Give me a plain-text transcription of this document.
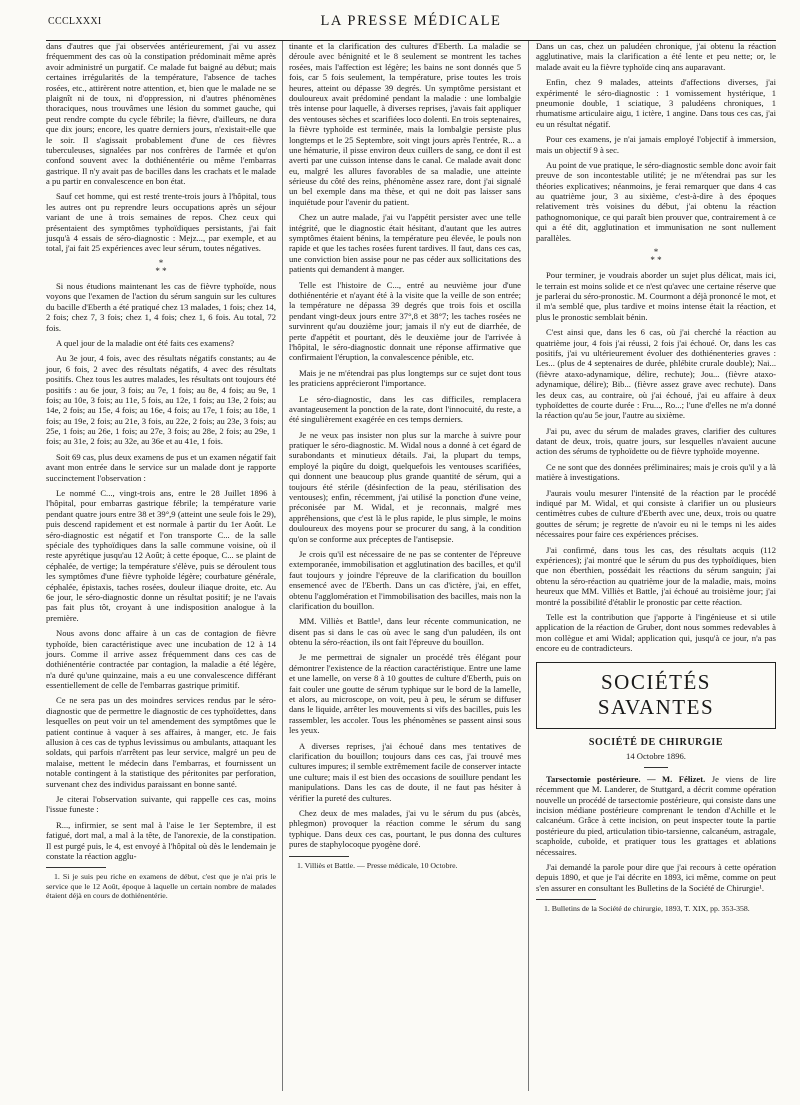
CCCLXXXI	LA PRESSE MÉDICALE

dans d'autres que j'ai observées antérieurement, j'ai vu assez fréquemment des cas où la constipation prédominait même après avoir administré un purgatif. Ce malade fut baigné au début; mais certaines irrégularités de la température, l'absence de taches rosées, etc., attirèrent notre attention, et, bien que le malade ne se plaignît ni de toux, ni d'oppression, ni d'autres phénomènes thoraciques, nous trouvâmes une lésion du sommet gauche, qui peut rendre compte du cycle fébrile; la fièvre, d'ailleurs, ne dura que dix jours; encore, les quatre derniers jours, n'existait-elle que le soir. Il s'agissait probablement d'une de ces fièvres tuberculeuses, signalées par nos confrères de l'armée et qu'on confond souvent avec la dothiénentérie ou même l'embarras gastrique. Il n'y avait pas de bacilles dans les crachats et le malade a pu partir en convalescence en bon état.

Sauf cet homme, qui est resté trente-trois jours à l'hôpital, tous les autres ont pu reprendre leurs occupations après un séjour variant de une à trois semaines de repos. Chez ceux qui présentaient des symptômes typhoïdiques persistants, j'ai fait jusqu'à 4 essais de séro-diagnostic : Mejz..., par exemple, et au total, j'ai fait 25 expériences avec leur sérum, toutes négatives.

*
* *

Si nous étudions maintenant les cas de fièvre typhoïde, nous voyons que l'examen de l'action du sérum sanguin sur les cultures du bacille d'Eberth a été pratiqué chez 13 malades, 1 fois; chez 14, 2 fois; chez 7, 3 fois; chez 1, 4 fois; chez 1, 6 fois. Au total, 72 fois.

A quel jour de la maladie ont été faits ces examens?

Au 3e jour, 4 fois, avec des résultats négatifs constants; au 4e jour, 6 fois, 2 avec des résultats négatifs, 4 avec des résultats positifs. Chez tous les autres malades, les résultats ont toujours été positifs : au 6e jour, 3 fois; au 7e, 1 fois; au 8e, 4 fois; au 9e, 1 fois; au 10e, 3 fois; au 11e, 5 fois, au 12e, 1 fois; au 13e, 2 fois; au 14e, 2 fois; au 15e, 4 fois; au 16e, 4 fois; au 17e, 1 fois; au 18e, 1 fois; au 19e, 2 fois; au 21e, 3 fois, au 22e, 2 fois; au 23e, 3 fois; au 25e, 1 fois; au 26e, 1 fois; au 27e, 3 fois; au 28e, 2 fois; au 29e, 1 fois; au 31e, 2 fois; au 32e, au 36e et au 41e, 1 fois.

Soit 69 cas, plus deux examens de pus et un examen négatif fait avant mon entrée dans le service sur un malade dont je rapporte succinctement l'observation :

Le nommé C..., vingt-trois ans, entre le 28 Juillet 1896 à l'hôpital, pour embarras gastrique fébrile; la température varie pendant quatre jours entre 38 et 39°,9 (atteint une seule fois le 29), puis descend rapidement et est normale à partir du 1er Août. Le séro-diagnostic est négatif et l'on transporte C... de la salle spéciale des typhoïdiques dans la salle commune voisine, où il reste apyrétique jusqu'au 12 Août; à cette époque, C... se plaint de céphalée, de vertige; la température s'élève, puis se déroulent tous les symptômes d'une fièvre typhoïde légère; courbature générale, céphalée, épistaxis, taches rosées, douleur iliaque droite, etc. Au 6e jour, le séro-diagnostic donne un résultat positif; je ne l'avais pas fait plus tôt, croyant à une indisposition analogue à la première.

Nous avons donc affaire à un cas de contagion de fièvre typhoïde, bien caractéristique avec une incubation de 12 à 14 jours. Comme il arrive assez fréquemment dans ces cas de dothiénentérie contractée par contagion, la maladie a été légère, n'a duré qu'une quinzaine, mais a eu une convalescence différant essentiellement de celle de l'embarras gastrique primitif.

Ce ne sera pas un des moindres services rendus par le séro-diagnostic que de permettre le diagnostic de ces typhoïdettes, dans lesquelles on peut voir un tel amendement des symptômes que le patient continue à vaquer à ses affaires, à manger, etc. Je fais allusion à ces cas de typhus levissimus ou ambulants, attaquant les soldats, qui parfois n'arrêtent pas leur service, malgré un peu de malaise, mettent le médecin dans l'embarras, et fournissent un notable contingent à la statistique des péritonites par perforation, survenant chez des individus paraissant en bonne santé.

Je citerai l'observation suivante, qui rappelle ces cas, moins l'issue funeste :

R..., infirmier, se sent mal à l'aise le 1er Septembre, il est fatigué, dort mal, a mal à la tête, de l'anorexie, de la constipation. Il est purgé puis, le 4, est envoyé à l'hôpital où dès le lendemain je constate la réaction agglu-

1. Si je suis peu riche en examens de début, c'est que je n'ai pris le service que le 12 Août, époque à laquelle un certain nombre de malades étaient déjà en cours de dothiénentérie.

tinante et la clarification des cultures d'Eberth. La maladie se déroule avec bénignité et le 8 seulement se montrent les taches rosées, mais l'affection est légère; les bains ne sont donnés que 5 fois, car 5 fois seulement, la température, prise toutes les trois heures, atteint ou dépasse 39 degrés. Un symptôme persistant et douloureux avait prédominé pendant la maladie : une lombalgie très intense pour laquelle, à diverses reprises, j'avais fait appliquer des ventouses sèches et scarifiées loco dolenti. En trois septenaires, la fièvre typhoïde est terminée, mais la lombalgie persiste plus longtemps et le 25 Septembre, soit vingt jours après l'entrée, R... a une hématurie, il pisse environ deux cuillers de sang, ce dont il est averti par une cuisson intense dans le canal. Ce malade avait donc eu, malgré les allures favorables de sa maladie, une atteinte sérieuse du côté des reins, phénomène assez rare, dont j'ai signalé un bel exemple dans ma thèse, et qui ne doit pas laisser sans inquiétude pour l'avenir du patient.

Chez un autre malade, j'ai vu l'appétit persister avec une telle intégrité, que le diagnostic était hésitant, d'autant que les autres symptômes étaient bénins, la température peu élevée, le pouls non rapide et que les taches rosées furent tardives. Il faut, dans ces cas, une conviction bien assise pour ne pas céder aux sollicitations des patients qui demandent à manger.

Telle est l'histoire de C..., entré au neuvième jour d'une dothiénentérie et n'ayant été à la visite que la veille de son entrée; la température ne dépassa 39 degrés que trois fois et oscilla pendant vingt-deux jours entre 37°,8 et 38°7; les taches rosées ne survinrent qu'au douzième jour; jamais il n'y eut de diarrhée, de perte d'appétit et pourtant, dès le deuxième jour de l'arrivée à l'hôpital, le séro-diagnostic donnait une réponse affirmative que confirmaient l'éruption, la convalescence pénible, etc.

Mais je ne m'étendrai pas plus longtemps sur ce sujet dont tous les praticiens apprécieront l'importance.

Le séro-diagnostic, dans les cas difficiles, remplacera avantageusement la ponction de la rate, dont l'innocuité, du reste, a été singulièrement exagérée en ces temps derniers.

Je ne veux pas insister non plus sur la marche à suivre pour pratiquer le séro-diagnostic. M. Widal nous a donné à cet égard de surabondants et minutieux détails. J'ai, la plupart du temps, employé la piqûre du doigt, quelquefois les ventouses scarifiées, qui donnent une beaucoup plus grande quantité de sérum, qui a toujours été stérile (désinfection de la peau, stérilisation des ventouses); enfin, récemment, j'ai utilisé la ponction d'une veine, préconisée par M. Widal, et je reconnais, malgré mes appréhensions, que c'est là le plus rapide, le plus simple, le moins douloureux des moyens pour se procurer du sang, à la condition qu'on se conforme aux préceptes de l'antisepsie.

Je crois qu'il est nécessaire de ne pas se contenter de l'épreuve extemporanée, immobilisation et agglutination des bacilles, et qu'il faut toujours y joindre l'épreuve de la clarification du bouillon ensemencé avec de l'Eberth. Dans un cas d'ictère, j'ai, en effet, obtenu l'agglomération et l'immobilisation des bacilles, mais non la clarification du bouillon.

MM. Villiès et Battle¹, dans leur récente communication, ne disent pas si dans le cas où avec le sang d'un paludéen, ils ont obtenu la séro-réaction, ils ont fait l'épreuve du bouillon.

Je me permettrai de signaler un procédé très élégant pour démontrer l'existence de la réaction caractéristique. Entre une lame et une lamelle, on verse 8 à 10 gouttes de culture d'Eberth, puis on fait couler une goutte de sérum typhique sur le bord de la lamelle, et alors, au microscope, on voit, peu à peu, le sérum se diffuser dans le liquide, arrêter les mouvements si vifs des bacilles, puis les rassembler, les accoler. Tous les phénomènes se passent ainsi sous les yeux.

A diverses reprises, j'ai échoué dans mes tentatives de clarification du bouillon; toujours dans ces cas, j'ai trouvé mes cultures impures; il semble extrêmement facile de conserver intacte une culture; mais il est bien des occasions de souillure pendant les manipulations. Dans les cas de doute, il ne faut pas hésiter à vérifier la pureté des cultures.

Chez deux de mes malades, j'ai vu le sérum du pus (abcès, phlegmon) provoquer la réaction comme le sérum du sang typhique. Dans deux ces cas, pourtant, le pus donna des cultures pures de staphylocoque pyogène doré.

1. Villiès et Battle. — Presse médicale, 10 Octobre.

Dans un cas, chez un paludéen chronique, j'ai obtenu la réaction agglutinative, mais la clarification a été lente et peu nette; or, le malade avait eu la fièvre typhoïde cinq ans auparavant.

Enfin, chez 9 malades, atteints d'affections diverses, j'ai expérimenté le séro-diagnostic : 1 vomissement hystérique, 1 pneumonie double, 1 sciatique, 3 paludéens chroniques, 1 rhumatisme articulaire aigu, 1 ictère, 1 angine. Dans tous ces cas, j'ai eu un résultat négatif.

Pour ces examens, je n'ai jamais employé l'objectif à immersion, mais un objectif 9 à sec.

Au point de vue pratique, le séro-diagnostic semble donc avoir fait preuve de son incontestable utilité; je ne m'étendrai pas sur les théories explicatives; néanmoins, je ferai remarquer que dans 4 cas au quatrième jour, 3 au sixième, c'est-à-dire à des époques relativement très voisines du début, j'ai obtenu la réaction pathognomonique, ce qui paraît bien prouver que, contrairement à ce qui a été dit, agglutination et immunisation ne sont nullement parallèles.

*
* *

Pour terminer, je voudrais aborder un sujet plus délicat, mais ici, le terrain est moins solide et ce n'est qu'avec une certaine réserve que je parlerai du séro-pronostic. M. Courmont a déjà prononcé le mot, et il m'a semblé que, plus tardive et moins intense était la réaction, et plus le pronostic semblait bénin.

C'est ainsi que, dans les 6 cas, où j'ai cherché la réaction au quatrième jour, 4 fois j'ai réussi, 2 fois j'ai échoué. Or, dans les cas positifs, j'ai vu ultérieurement évoluer des dothiénenteries graves : Les... (plus de 4 septenaires de durée, phlébite crurale double); Nai... (fièvre ataxo-adynamique, délire, rechute); Jou... (fièvre ataxo-adynamique, délire); Bib... (fièvre assez grave avec rechute). Dans les deux cas, au contraire, où j'ai échoué, j'ai eu affaire à deux typhoïdettes de courte durée : Fru..., Ro...; l'une d'elles ne m'a donné la réaction qu'au 5e jour, l'autre au sixième.

J'ai pu, avec du sérum de malades graves, clarifier des cultures datant de deux, trois, quatre jours, sur lesquelles n'avaient aucune action des sérums de typhoïdette ou de fièvre typhoïde moyenne.

Ce ne sont que des données préliminaires; mais je crois qu'il y a là matière à investigations.

J'aurais voulu mesurer l'intensité de la réaction par le procédé indiqué par M. Widal, et qui consiste à clarifier un ou plusieurs centimètres cubes de culture d'Eberth avec une, deux, trois ou quatre gouttes de sérum; je regrette de n'avoir eu ni le temps ni les aides nécessaires pour faire ces expériences précises.

J'ai confirmé, dans tous les cas, des résultats acquis (112 expériences); j'ai montré que le sérum du pus des typhoïdiques, bien que non éberthien, possédait les réactions du sérum sanguin; j'ai obtenu la séro-réaction au quatrième jour de la maladie, mais, moins heureux que MM. Villiès et Battle, j'ai échoué au troisième jour; j'ai montré la possibilité d'établir le pronostic par cette réaction.

Telle est la contribution que j'apporte à l'ingénieuse et si utile application de la réaction de Gruber, dont nous sommes redevables à mon collègue et ami Widal; application qui, jusqu'à ce jour, n'a pas encore eu de contradicteurs.

SOCIÉTÉS SAVANTES
SOCIÉTÉ DE CHIRURGIE
14 Octobre 1896.

Tarsectomie postérieure. — M. Félizet. Je viens de lire récemment que M. Landerer, de Stuttgard, a décrit comme opération nouvelle un procédé de tarsectomie postérieure, qui consiste dans une incision médiane postérieure comprenant le tendon d'Achille et le calcanéum. Grâce à cette incision, on peut inspecter toute la partie postérieure du pied, articulation tibio-tarsienne, calcanéum, astragale, scaphoïde, cuboïde, et pratiquer tous les grattages et ablations nécessaires.

J'ai demandé la parole pour dire que j'ai recours à cette opération depuis 1890, et que je l'ai décrite en 1893, ici même, comme on peut s'en assurer en consultant les Bulletins de la Société de Chirurgie¹.

1. Bulletins de la Société de chirurgie, 1893, T. XIX, pp. 353-358.
